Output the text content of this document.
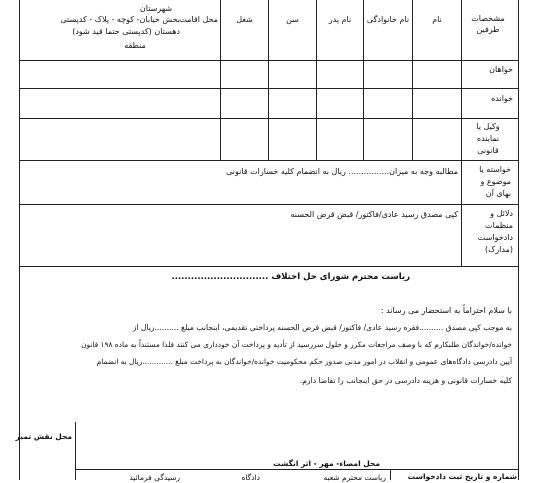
مشخصات طرفین
نام
نام خانوادگی
نام پدر
سن
شغل
محل اقامت
شهرستان
بخش خیابان- کوچه - پلاک - کدپستی
دهستان (کدپستی حتما قید شود)
منطقه
خواهان
خوانده
وکیل یا نماینده قانونی
خواسته یا موضوع و بهای آن
مطالبه وجه به میزان................ ریال به انضمام کلیه خسارات قانونی
دلائل و منظمات دادخواست (مدارک)
کپی مصدق رسید عادی/فاکتور/ قبض قرض الحسنه
ریاست محترم شورای حل اختلاف ..............................
با سلام احتراماً به استحضار می رساند :
به موجب کپی مصدق ..........فقره رسید عادی/ فاکتور/ قبض قرض الحسنه پرداختی تقدیمی، اینجانب مبلغ ..........ریال از
خوانده/خواندگان طلبکارم که با وصف مراجعات مکرر و حلول سررسید از تأدیه و پرداخت آن خودداری می کنند فلذا مستنداً به ماده ۱۹۸ قانون
آیین دادرسی دادگاه‌های عمومی و انقلاب در امور مدنی صدور حکم محکومیت خوانده/خواندگان به پرداخت مبلغ .............ریال به انضمام
کلیه خسارات قانونی و هزینه دادرسی در حق اینجانب را تقاضا دارم.
محل نقش تمبر
محل امضاء- مهر - اثر انگشت
شماره و تاریخ ثبت دادخواست
ریاست محترم شعبه
دادگاه
رسیدگی فرمائید
